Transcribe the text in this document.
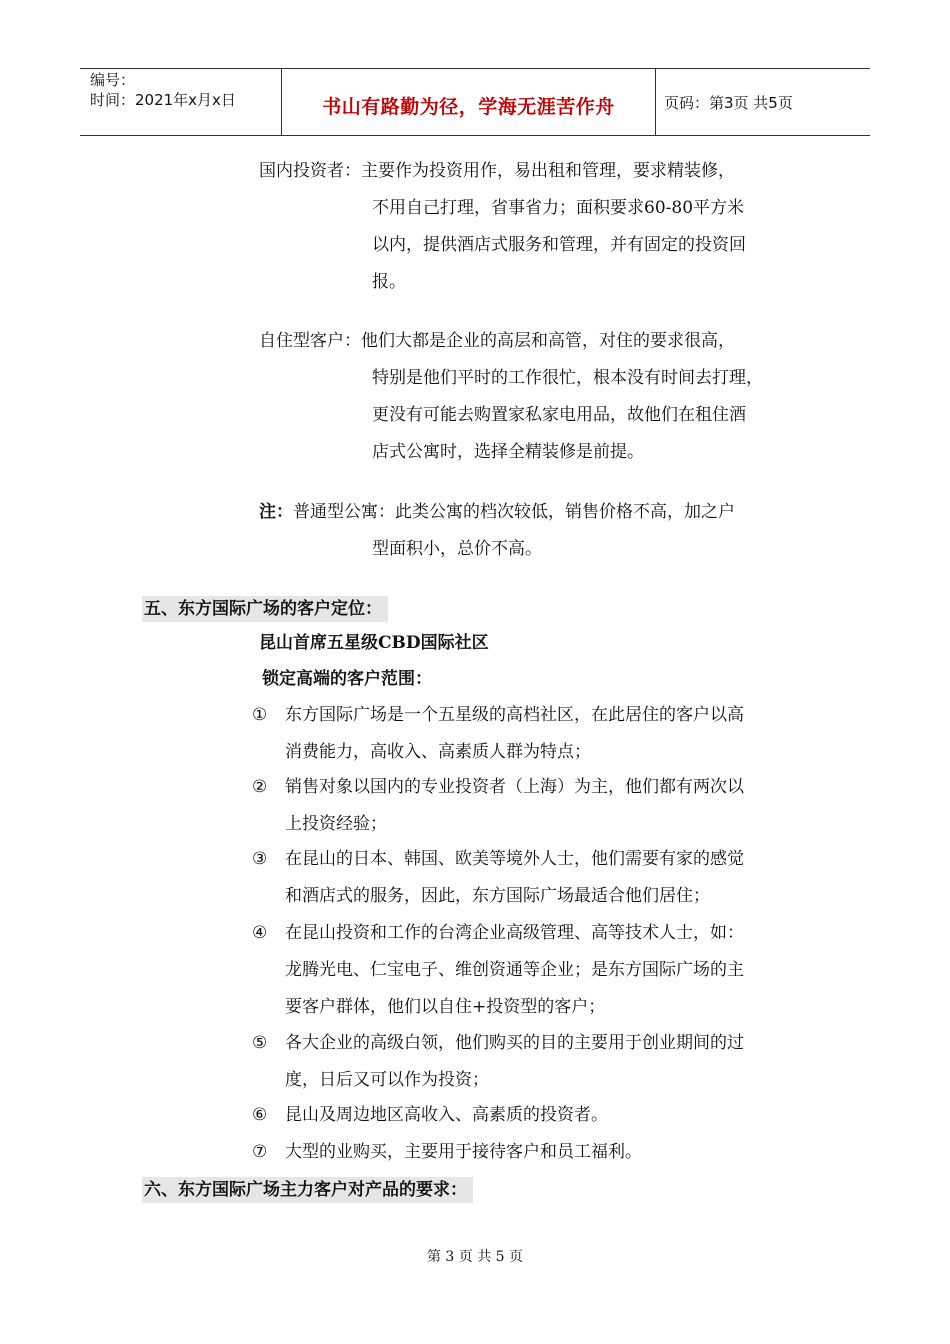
编号：
时间：2021年x月x日	书山有路勤为径，学海无涯苦作舟	页码：第3页 共5页
国内投资者：主要作为投资用作，易出租和管理，要求精装修，
不用自己打理，省事省力；面积要求60-80平方米
以内，提供酒店式服务和管理，并有固定的投资回
报。
自住型客户：他们大都是企业的高层和高管，对住的要求很高，
特别是他们平时的工作很忙，根本没有时间去打理，
更没有可能去购置家私家电用品，故他们在租住酒
店式公寓时，选择全精装修是前提。
注：普通型公寓：此类公寓的档次较低，销售价格不高，加之户
型面积小，总价不高。
五、东方国际广场的客户定位：
昆山首席五星级CBD国际社区
锁定高端的客户范围：
①	东方国际广场是一个五星级的高档社区，在此居住的客户以高
消费能力，高收入、高素质人群为特点；
②	销售对象以国内的专业投资者（上海）为主，他们都有两次以
上投资经验；
③	在昆山的日本、韩国、欧美等境外人士，他们需要有家的感觉
和酒店式的服务，因此，东方国际广场最适合他们居住；
④	在昆山投资和工作的台湾企业高级管理、高等技术人士，如：
龙腾光电、仁宝电子、维创资通等企业；是东方国际广场的主
要客户群体，他们以自住+投资型的客户；
⑤	各大企业的高级白领，他们购买的目的主要用于创业期间的过
度，日后又可以作为投资；
⑥	昆山及周边地区高收入、高素质的投资者。
⑦	大型的业购买，主要用于接待客户和员工福利。
六、东方国际广场主力客户对产品的要求：
第 3 页 共 5 页
